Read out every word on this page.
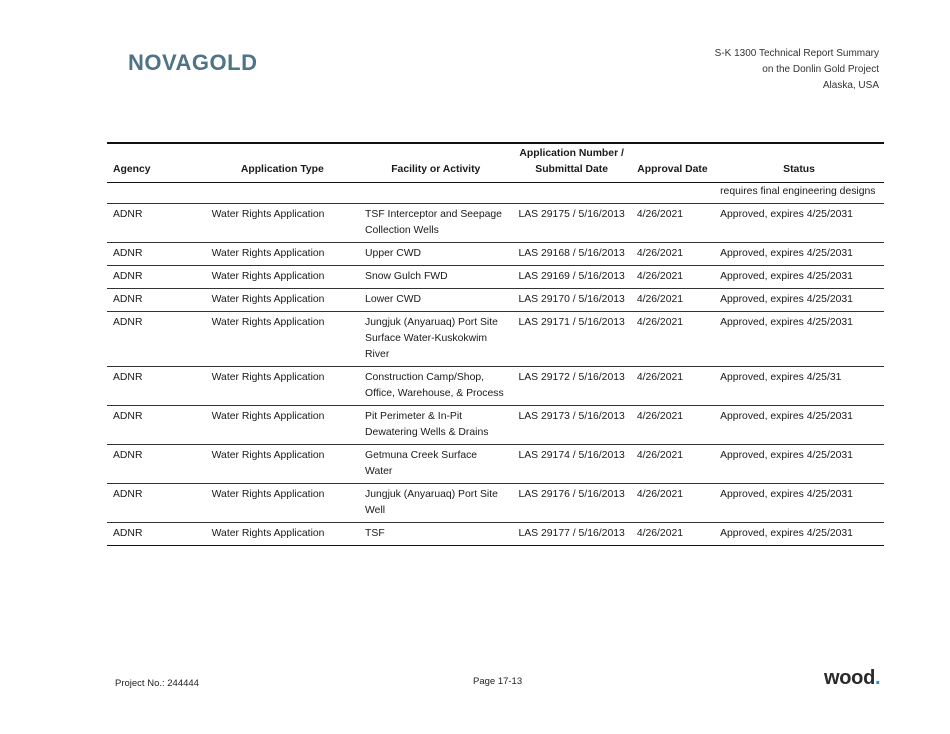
NOVAGOLD	S-K 1300 Technical Report Summary
on the Donlin Gold Project
Alaska, USA
Agency	Application Type	Facility or Activity	Application Number / Submittal Date	Approval Date	Status
					requires final engineering designs
ADNR	Water Rights Application	TSF Interceptor and Seepage Collection Wells	LAS 29175 / 5/16/2013	4/26/2021	Approved, expires 4/25/2031
ADNR	Water Rights Application	Upper CWD	LAS 29168 / 5/16/2013	4/26/2021	Approved, expires 4/25/2031
ADNR	Water Rights Application	Snow Gulch FWD	LAS 29169 / 5/16/2013	4/26/2021	Approved, expires 4/25/2031
ADNR	Water Rights Application	Lower CWD	LAS 29170 / 5/16/2013	4/26/2021	Approved, expires 4/25/2031
ADNR	Water Rights Application	Jungjuk (Anyaruaq) Port Site Surface Water-Kuskokwim River	LAS 29171 / 5/16/2013	4/26/2021	Approved, expires 4/25/2031
ADNR	Water Rights Application	Construction Camp/Shop, Office, Warehouse, & Process	LAS 29172 / 5/16/2013	4/26/2021	Approved, expires 4/25/31
ADNR	Water Rights Application	Pit Perimeter & In-Pit Dewatering Wells & Drains	LAS 29173 / 5/16/2013	4/26/2021	Approved, expires 4/25/2031
ADNR	Water Rights Application	Getmuna Creek Surface Water	LAS 29174 / 5/16/2013	4/26/2021	Approved, expires 4/25/2031
ADNR	Water Rights Application	Jungjuk (Anyaruaq) Port Site Well	LAS 29176 / 5/16/2013	4/26/2021	Approved, expires 4/25/2031
ADNR	Water Rights Application	TSF	LAS 29177 / 5/16/2013	4/26/2021	Approved, expires 4/25/2031
Project No.: 244444	Page 17-13	wood.
